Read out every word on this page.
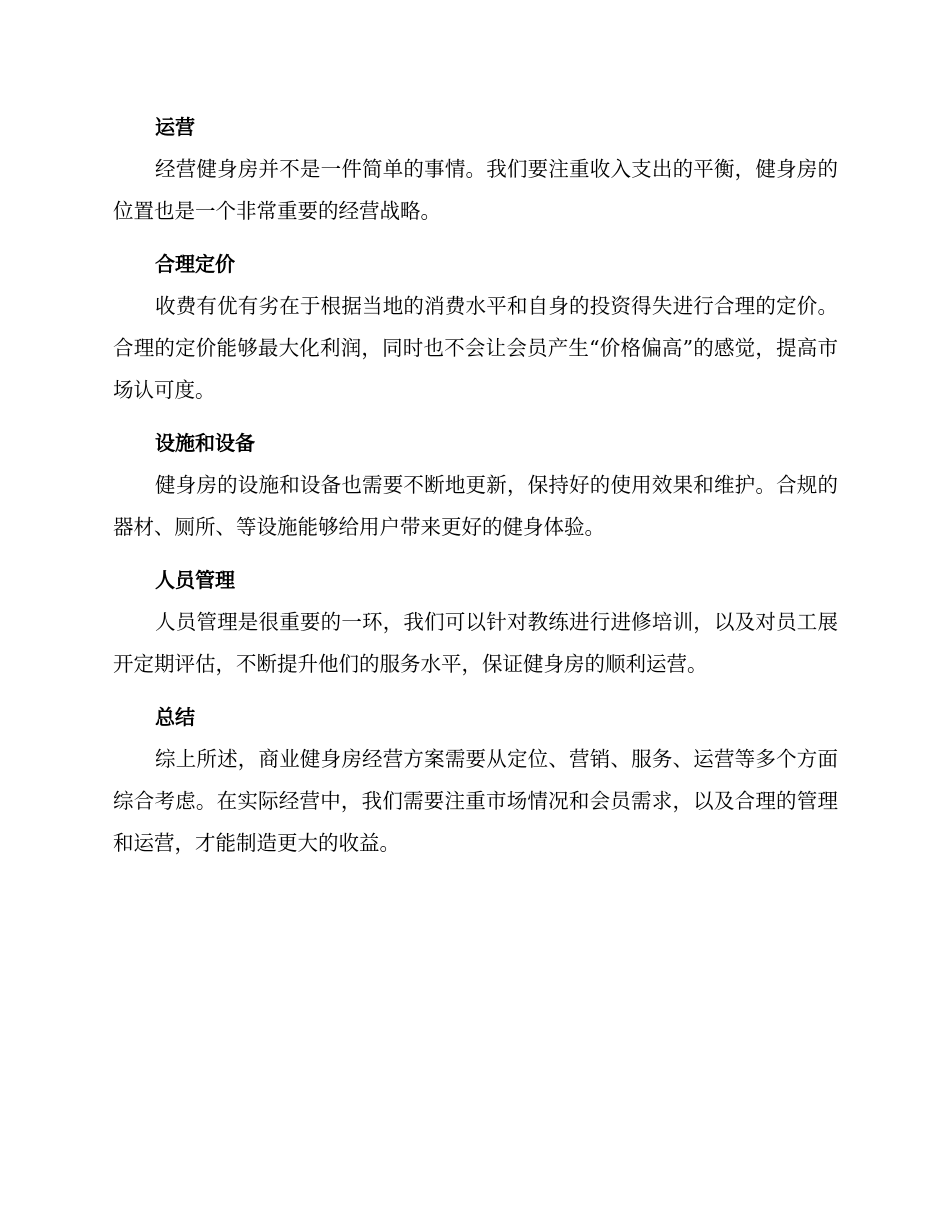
运营

经营健身房并不是一件简单的事情。我们要注重收入支出的平衡，健身房的位置也是一个非常重要的经营战略。

合理定价

收费有优有劣在于根据当地的消费水平和自身的投资得失进行合理的定价。合理的定价能够最大化利润，同时也不会让会员产生“价格偏高”的感觉，提高市场认可度。

设施和设备

健身房的设施和设备也需要不断地更新，保持好的使用效果和维护。合规的器材、厕所、等设施能够给用户带来更好的健身体验。

人员管理

人员管理是很重要的一环，我们可以针对教练进行进修培训，以及对员工展开定期评估，不断提升他们的服务水平，保证健身房的顺利运营。

总结

综上所述，商业健身房经营方案需要从定位、营销、服务、运营等多个方面综合考虑。在实际经营中，我们需要注重市场情况和会员需求，以及合理的管理和运营，才能制造更大的收益。
